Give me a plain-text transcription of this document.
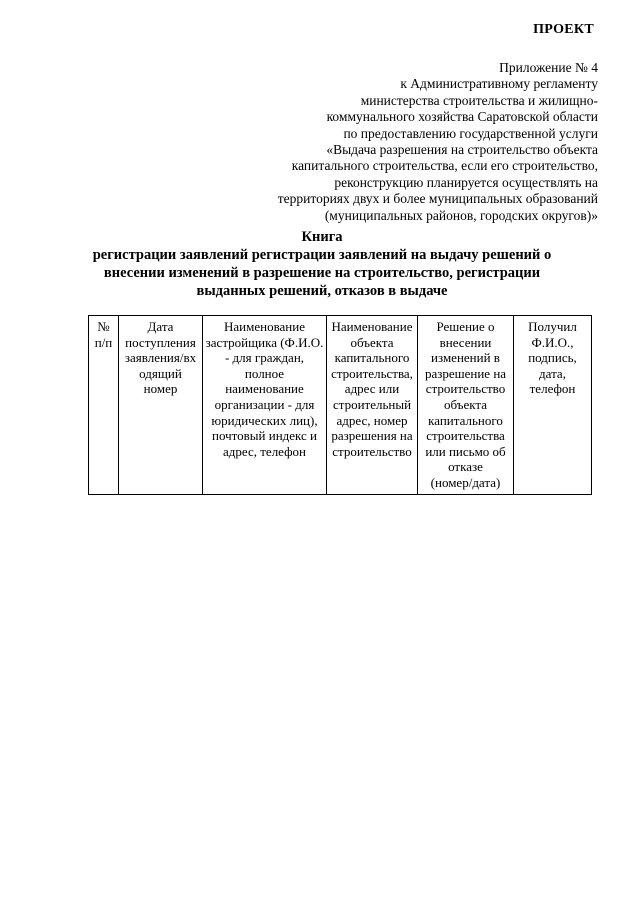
ПРОЕКТ
Приложение № 4
к Административному регламенту
министерства строительства и жилищно-
коммунального хозяйства Саратовской области
по предоставлению государственной услуги
«Выдача разрешения на строительство объекта
капитального строительства, если его строительство,
реконструкцию планируется осуществлять на
территориях двух и более муниципальных образований
(муниципальных районов, городских округов)»
Книга
регистрации заявлений регистрации заявлений на выдачу решений о
внесении изменений в разрешение на строительство, регистрации
выданных решений, отказов в выдаче
№
п/п	Дата
поступления
заявления/вх
одящий
номер	Наименование
застройщика (Ф.И.О.
- для граждан,
полное
наименование
организации - для
юридических лиц),
почтовый индекс и
адрес, телефон	Наименование
объекта
капитального
строительства,
адрес или
строительный
адрес, номер
разрешения на
строительство	Решение о
внесении
изменений в
разрешение на
строительство
объекта
капитального
строительства
или письмо об
отказе
(номер/дата)	Получил
Ф.И.О.,
подпись,
дата,
телефон
